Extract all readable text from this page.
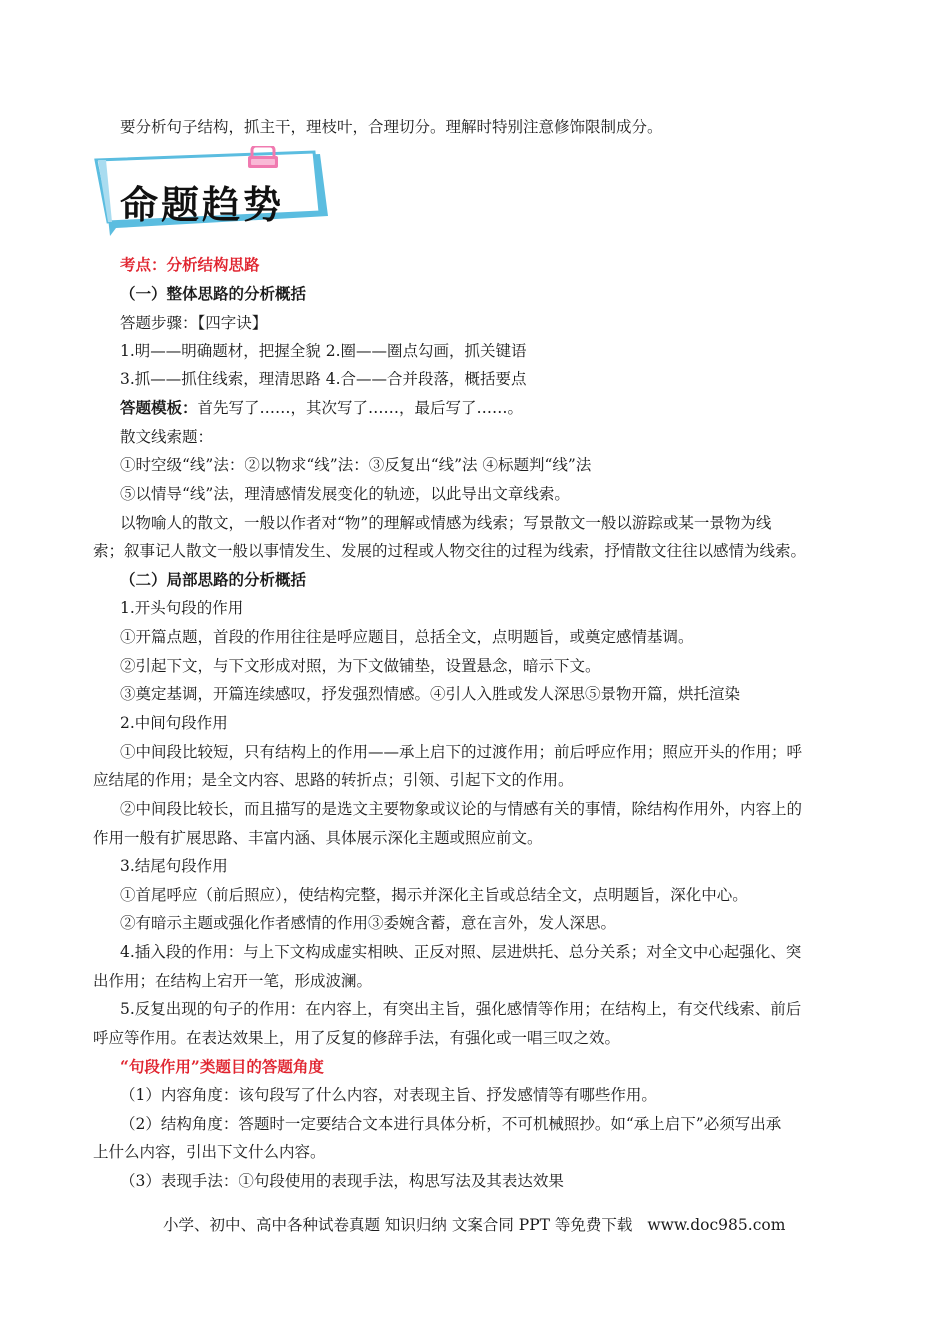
要分析句子结构，抓主干，理枝叶，合理切分。理解时特别注意修饰限制成分。
命题趋势
考点：分析结构思路
（一）整体思路的分析概括
答题步骤：【四字诀】
1.明——明确题材，把握全貌 2.圈——圈点勾画，抓关键语
3.抓——抓住线索，理清思路 4.合——合并段落，概括要点
答题模板：首先写了……，其次写了……，最后写了……。
散文线索题：
①时空级“线”法：②以物求“线”法：③反复出“线”法 ④标题判“线”法
⑤以情导“线”法，理清感情发展变化的轨迹，以此导出文章线索。
以物喻人的散文，一般以作者对“物”的理解或情感为线索；写景散文一般以游踪或某一景物为线
索；叙事记人散文一般以事情发生、发展的过程或人物交往的过程为线索，抒情散文往往以感情为线索。
（二）局部思路的分析概括
1.开头句段的作用
①开篇点题，首段的作用往往是呼应题目，总括全文，点明题旨，或奠定感情基调。
②引起下文，与下文形成对照，为下文做铺垫，设置悬念，暗示下文。
③奠定基调，开篇连续感叹，抒发强烈情感。④引人入胜或发人深思⑤景物开篇，烘托渲染
2.中间句段作用
①中间段比较短，只有结构上的作用——承上启下的过渡作用；前后呼应作用；照应开头的作用；呼
应结尾的作用；是全文内容、思路的转折点；引领、引起下文的作用。
②中间段比较长，而且描写的是选文主要物象或议论的与情感有关的事情，除结构作用外，内容上的
作用一般有扩展思路、丰富内涵、具体展示深化主题或照应前文。
3.结尾句段作用
①首尾呼应（前后照应），使结构完整，揭示并深化主旨或总结全文，点明题旨，深化中心。
②有暗示主题或强化作者感情的作用③委婉含蓄，意在言外，发人深思。
4.插入段的作用：与上下文构成虚实相映、正反对照、层进烘托、总分关系；对全文中心起强化、突
出作用；在结构上宕开一笔，形成波澜。
5.反复出现的句子的作用：在内容上，有突出主旨，强化感情等作用；在结构上，有交代线索、前后
呼应等作用。在表达效果上，用了反复的修辞手法，有强化或一唱三叹之效。
“句段作用”类题目的答题角度
（1）内容角度：该句段写了什么内容，对表现主旨、抒发感情等有哪些作用。
（2）结构角度：答题时一定要结合文本进行具体分析，不可机械照抄。如“承上启下”必须写出承
上什么内容，引出下文什么内容。
（3）表现手法：①句段使用的表现手法，构思写法及其表达效果
小学、初中、高中各种试卷真题 知识归纳 文案合同 PPT 等免费下载 www.doc985.com
